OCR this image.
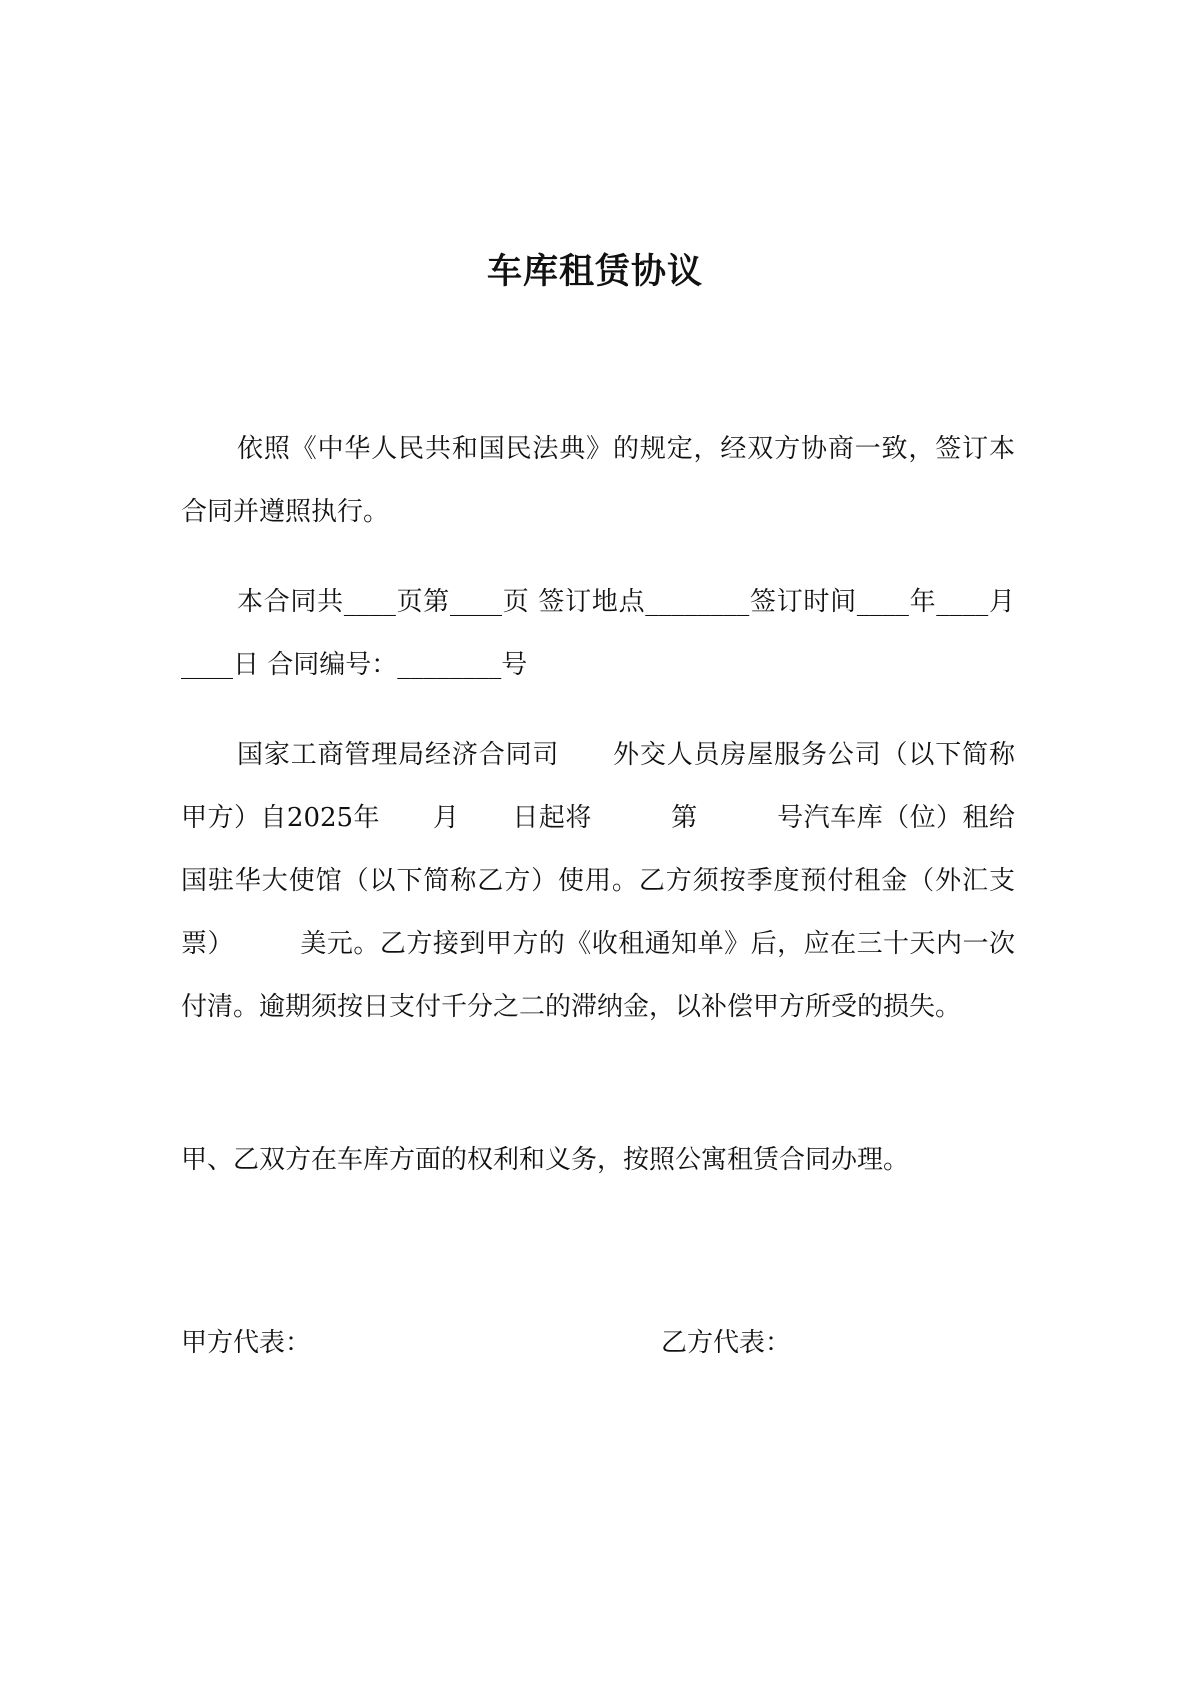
车库租赁协议

依照《中华人民共和国民法典》的规定，经双方协商一致，签订本合同并遵照执行。

本合同共____页第____页 签订地点________签订时间____年____月____日 合同编号：________号

国家工商管理局经济合同司　　外交人员房屋服务公司（以下简称甲方）自2025年　　月　　日起将　　　第　　　号汽车库（位）租给国驻华大使馆（以下简称乙方）使用。乙方须按季度预付租金（外汇支票）　　　美元。乙方接到甲方的《收租通知单》后，应在三十天内一次付清。逾期须按日支付千分之二的滞纳金，以补偿甲方所受的损失。

甲、乙双方在车库方面的权利和义务，按照公寓租赁合同办理。

甲方代表：	乙方代表：
